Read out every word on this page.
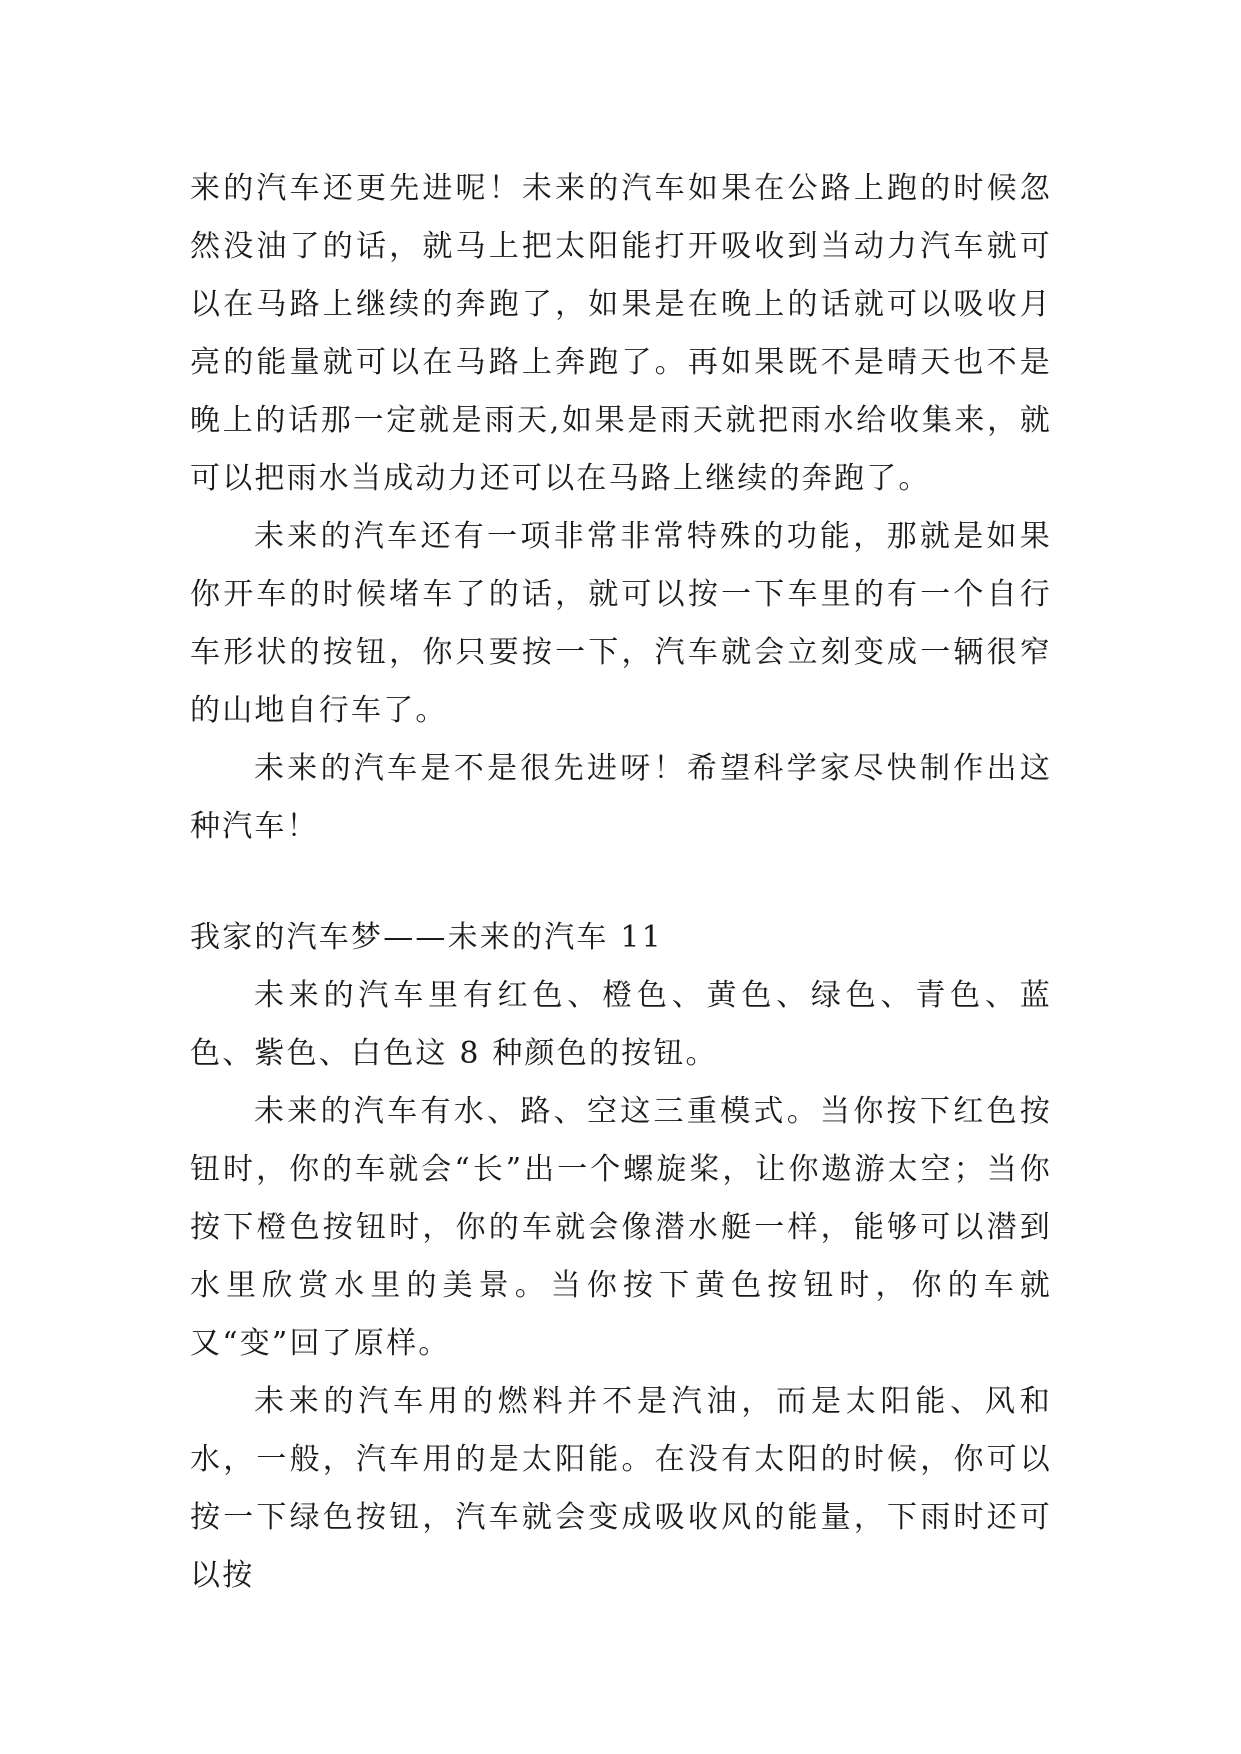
来的汽车还更先进呢！未来的汽车如果在公路上跑的时候忽然没油了的话，就马上把太阳能打开吸收到当动力汽车就可以在马路上继续的奔跑了，如果是在晚上的话就可以吸收月亮的能量就可以在马路上奔跑了。再如果既不是晴天也不是晚上的话那一定就是雨天,如果是雨天就把雨水给收集来，就可以把雨水当成动力还可以在马路上继续的奔跑了。

未来的汽车还有一项非常非常特殊的功能，那就是如果你开车的时候堵车了的话，就可以按一下车里的有一个自行车形状的按钮，你只要按一下，汽车就会立刻变成一辆很窄的山地自行车了。

未来的汽车是不是很先进呀！希望科学家尽快制作出这种汽车！

我家的汽车梦——未来的汽车 11

未来的汽车里有红色、橙色、黄色、绿色、青色、蓝色、紫色、白色这 8 种颜色的按钮。

未来的汽车有水、路、空这三重模式。当你按下红色按钮时，你的车就会“长”出一个螺旋桨，让你遨游太空；当你按下橙色按钮时，你的车就会像潜水艇一样，能够可以潜到水里欣赏水里的美景。当你按下黄色按钮时，你的车就又“变”回了原样。

未来的汽车用的燃料并不是汽油，而是太阳能、风和水，一般，汽车用的是太阳能。在没有太阳的时候，你可以按一下绿色按钮，汽车就会变成吸收风的能量，下雨时还可以按
